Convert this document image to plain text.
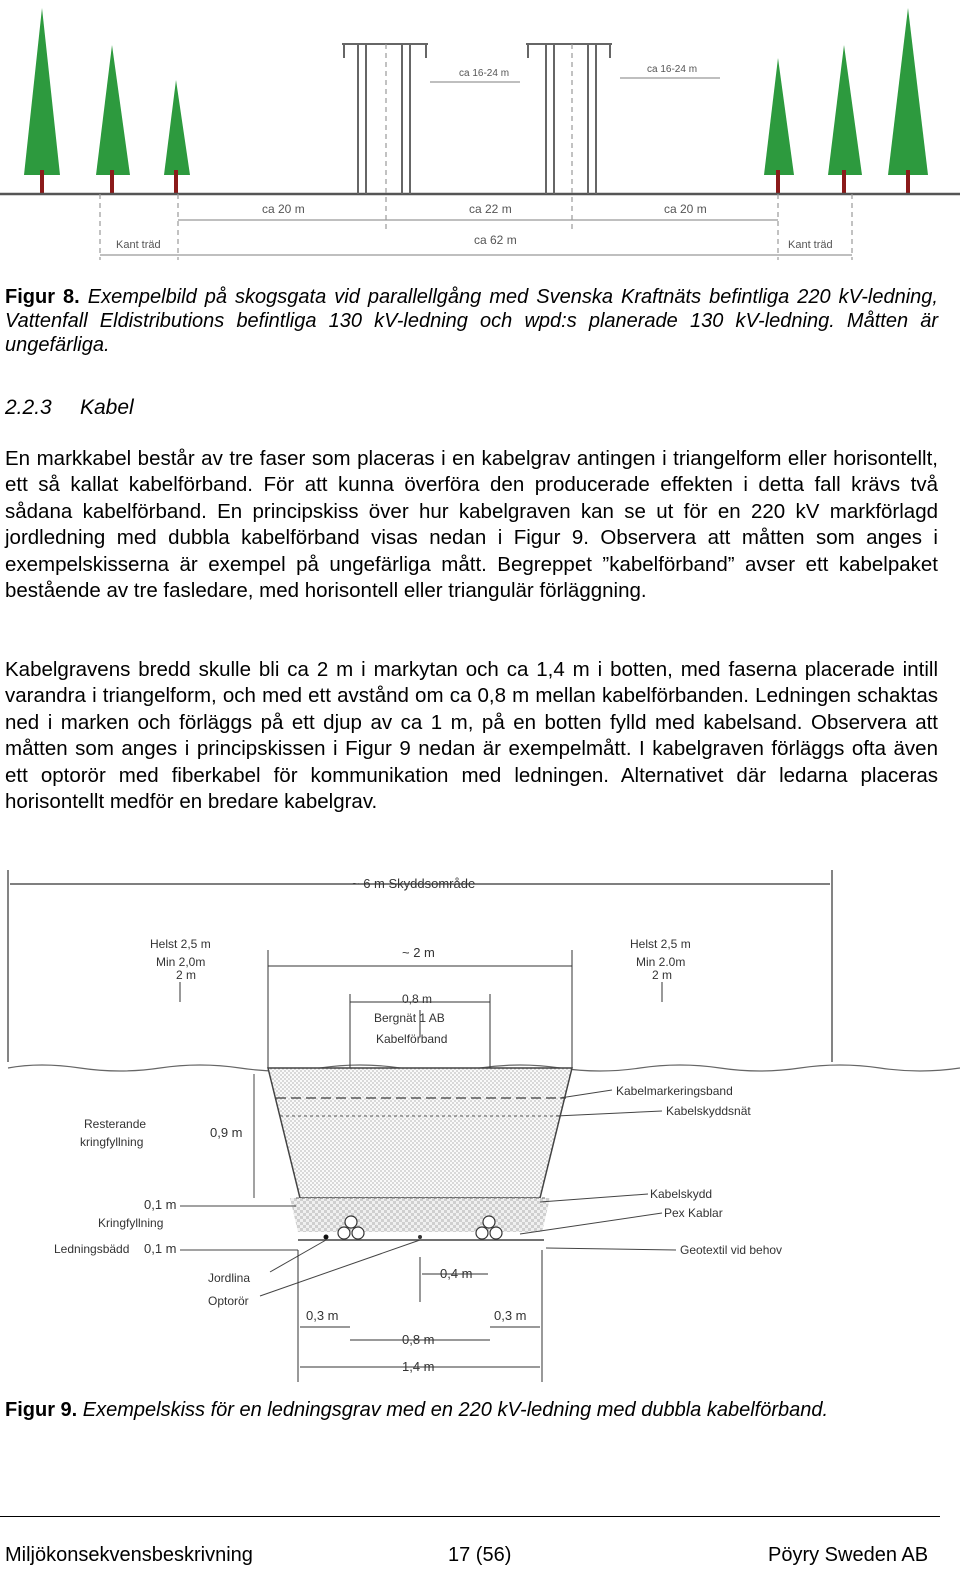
ca 16-24 m	ca 16-24 m
ca 20 m	ca 22 m	ca 20 m
ca 62 m
Kant träd	Kant träd
Figur 8. Exempelbild på skogsgata vid parallellgång med Svenska Kraftnäts befintliga 220 kV-ledning, Vattenfall Eldistributions befintliga 130 kV-ledning och wpd:s planerade 130 kV-ledning. Måtten är ungefärliga.
2.2.3 Kabel
En markkabel består av tre faser som placeras i en kabelgrav antingen i triangelform eller horisontellt, ett så kallat kabelförband. För att kunna överföra den producerade effekten i detta fall krävs två sådana kabelförband. En principskiss över hur kabelgraven kan se ut för en 220 kV markförlagd jordledning med dubbla kabelförband visas nedan i Figur 9. Observera att måtten som anges i exempelskisserna är exempel på ungefärliga mått. Begreppet ”kabelförband” avser ett kabelpaket bestående av tre fasledare, med horisontell eller triangulär förläggning.
Kabelgravens bredd skulle bli ca 2 m i markytan och ca 1,4 m i botten, med faserna placerade intill varandra i triangelform, och med ett avstånd om ca 0,8 m mellan kabelförbanden. Ledningen schaktas ned i marken och förläggs på ett djup av ca 1 m, på en botten fylld med kabelsand. Observera att måtten som anges i principskissen i Figur 9 nedan är exempelmått. I kabelgraven förläggs ofta även ett optorör med fiberkabel för kommunikation med ledningen. Alternativet där ledarna placeras horisontellt medför en bredare kabelgrav.
~ 6 m Skyddsområde
Helst 2,5 m
Min 2,0m
2 m
Helst 2,5 m
Min 2.0m
2 m
~ 2 m
0,8 m
Bergnät 1 AB
Kabelförband
Kabelmarkeringsband
Kabelskyddsnät
Resterande
kringfyllning
0,9 m
0,1 m
Kringfyllning
Ledningsbädd 0,1 m
Kabelskydd
Pex Kablar
Geotextil vid behov
Jordlina
Optorör
0,4 m
0,3 m	0,3 m
0,8 m
1,4 m
Figur 9. Exempelskiss för en ledningsgrav med en 220 kV-ledning med dubbla kabelförband.
Miljökonsekvensbeskrivning	17 (56)	Pöyry Sweden AB
